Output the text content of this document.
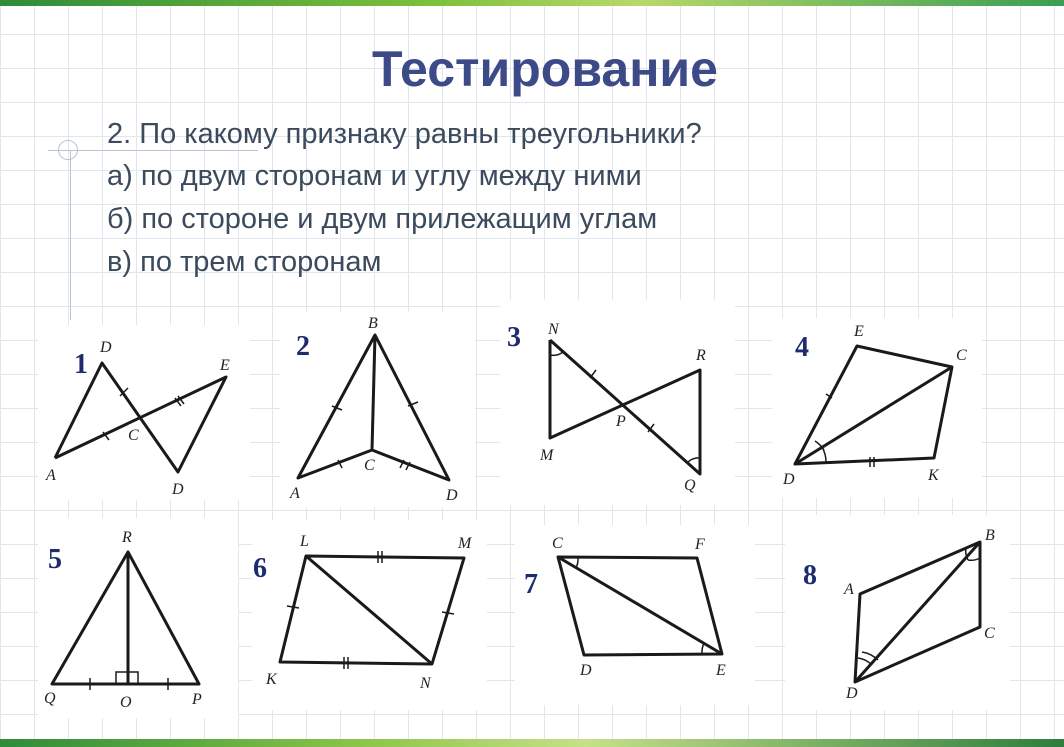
Тестирование
2. По какому признаку равны треугольники?
а) по двум сторонам и углу между ними
б) по стороне и двум прилежащим углам
в) по трем сторонам
1
D
E
C
A
D
2
B
A
C
D
3 N
R
P
M
Q
4
E
C
D	K
5
R
Q	O	P
6
L	M
K	N
7
C	F
D	E
8
B
A
C
D
